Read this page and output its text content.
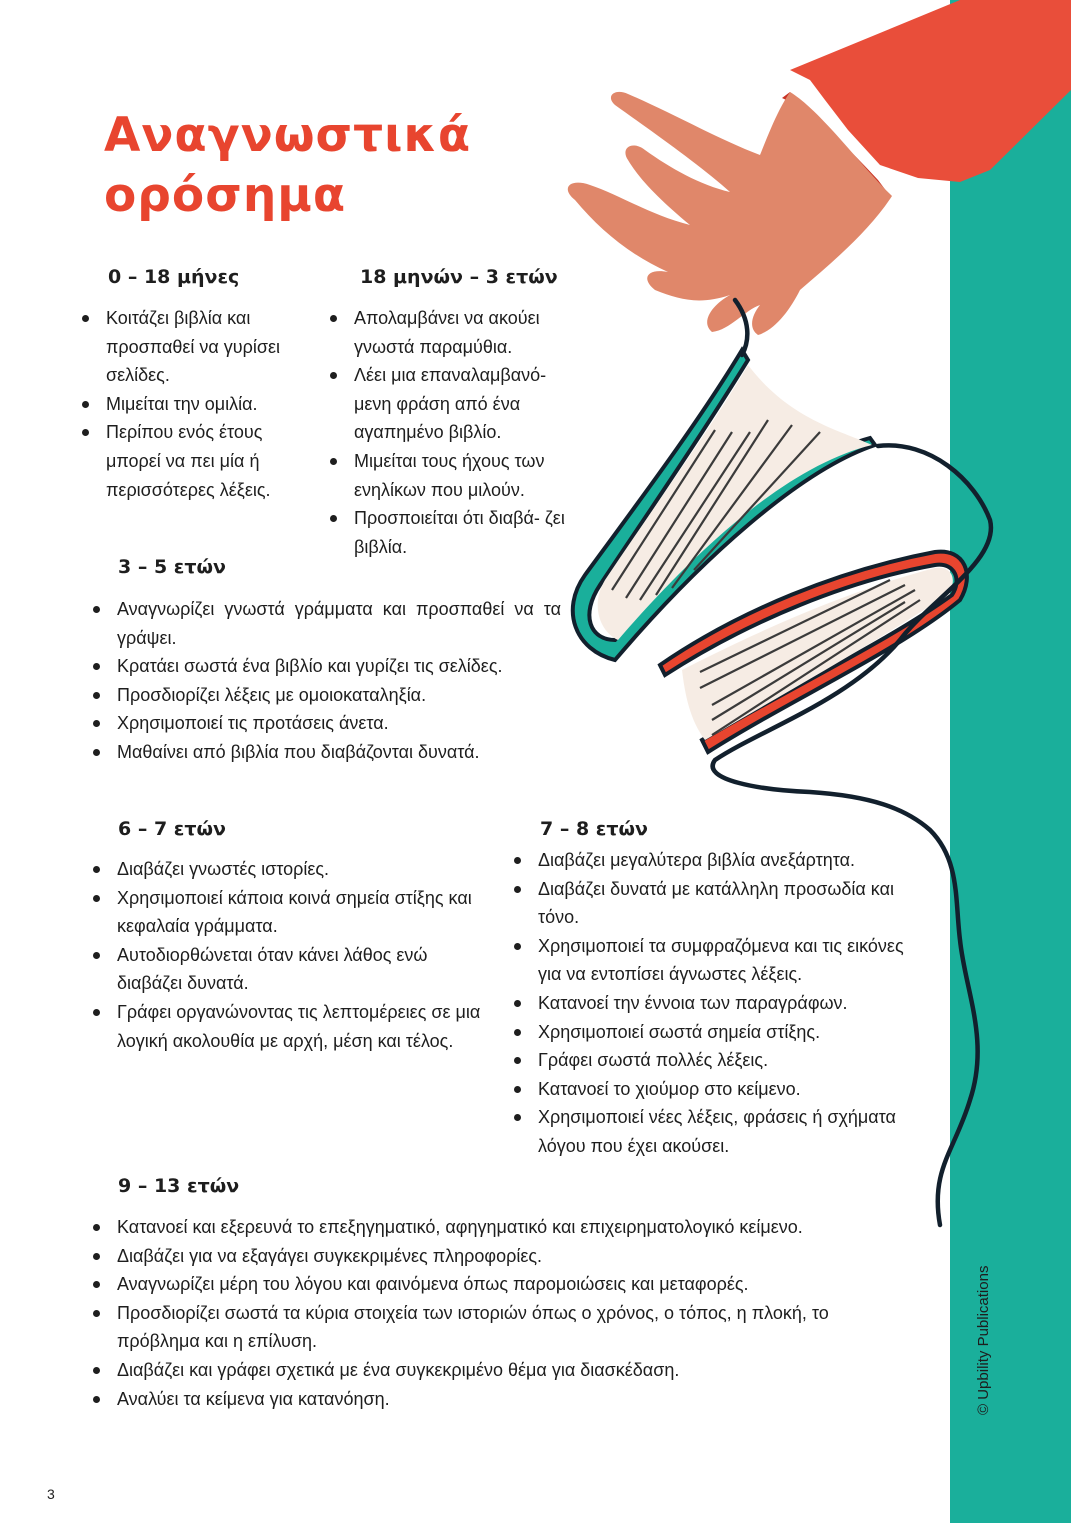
Αναγνωστικά
ορόσημα
0 – 18 μήνες
Κοιτάζει βιβλία και προσπαθεί να γυρίσει σελίδες.
Μιμείται την ομιλία.
Περίπου ενός έτους μπορεί να πει μία ή περισσότερες λέξεις.
18 μηνών – 3 ετών
Απολαμβάνει να ακούει γνωστά παραμύθια.
Λέει μια επαναλαμβανό- μενη φράση από ένα αγαπημένο βιβλίο.
Μιμείται τους ήχους των ενηλίκων που μιλούν.
Προσποιείται ότι διαβά- ζει βιβλία.
3 – 5 ετών
Αναγνωρίζει γνωστά γράμματα και προσπαθεί να τα γράψει.
Κρατάει σωστά ένα βιβλίο και γυρίζει τις σελίδες.
Προσδιορίζει λέξεις με ομοιοκαταληξία.
Χρησιμοποιεί τις προτάσεις άνετα.
Μαθαίνει από βιβλία που διαβάζονται δυνατά.
6 – 7 ετών
Διαβάζει γνωστές ιστορίες.
Χρησιμοποιεί κάποια κοινά σημεία στίξης και κεφαλαία γράμματα.
Αυτοδιορθώνεται όταν κάνει λάθος ενώ διαβάζει δυνατά.
Γράφει οργανώνοντας τις λεπτομέρειες σε μια λογική ακολουθία με αρχή, μέση και τέλος.
7 – 8 ετών
Διαβάζει μεγαλύτερα βιβλία ανεξάρτητα.
Διαβάζει δυνατά με κατάλληλη προσωδία και τόνο.
Χρησιμοποιεί τα συμφραζόμενα και τις εικόνες για να εντοπίσει άγνωστες λέξεις.
Κατανοεί την έννοια των παραγράφων.
Χρησιμοποιεί σωστά σημεία στίξης.
Γράφει σωστά πολλές λέξεις.
Κατανοεί το χιούμορ στο κείμενο.
Χρησιμοποιεί νέες λέξεις, φράσεις ή σχήματα λόγου που έχει ακούσει.
9 – 13 ετών
Κατανοεί και εξερευνά το επεξηγηματικό, αφηγηματικό και επιχειρηματολογικό κείμενο.
Διαβάζει για να εξαγάγει συγκεκριμένες πληροφορίες.
Αναγνωρίζει μέρη του λόγου και φαινόμενα όπως παρομοιώσεις και μεταφορές.
Προσδιορίζει σωστά τα κύρια στοιχεία των ιστοριών όπως ο χρόνος, ο τόπος, η πλοκή, το πρόβλημα και η επίλυση.
Διαβάζει και γράφει σχετικά με ένα συγκεκριμένο θέμα για διασκέδαση.
Αναλύει τα κείμενα για κατανόηση.	© Upbility Publications
3
